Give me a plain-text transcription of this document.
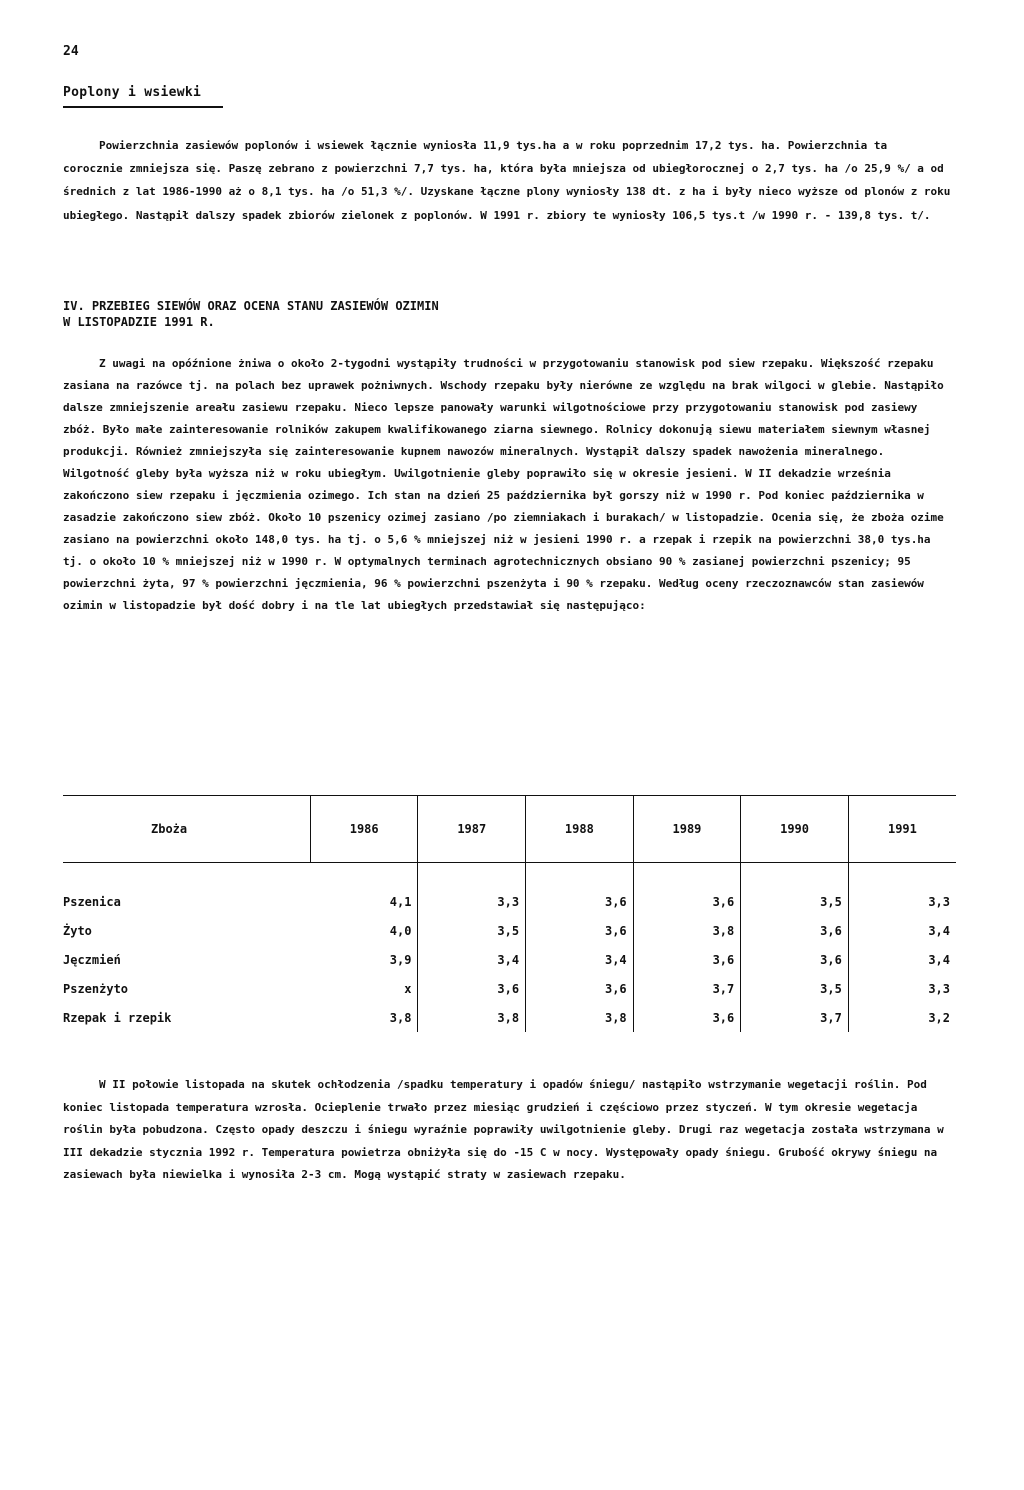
24
Poplony i wsiewki

Powierzchnia zasiewów poplonów i wsiewek łącznie wyniosła 11,9 tys.ha a w roku poprzednim 17,2 tys. ha. Powierzchnia ta corocznie zmniejsza się. Paszę zebrano z powierzchni 7,7 tys. ha, która była mniejsza od ubiegłorocznej o 2,7 tys. ha /o 25,9 %/ a od średnich z lat 1986-1990 aż o 8,1 tys. ha /o 51,3 %/. Uzyskane łączne plony wyniosły 138 dt. z ha i były nieco wyższe od plonów z roku ubiegłego. Nastąpił dalszy spadek zbiorów zielonek z poplonów. W 1991 r. zbiory te wyniosły 106,5 tys.t /w 1990 r. - 139,8 tys. t/.

IV. PRZEBIEG SIEWÓW ORAZ OCENA STANU ZASIEWÓW OZIMIN
W LISTOPADZIE 1991 R.

Z uwagi na opóźnione żniwa o około 2-tygodni wystąpiły trudności w przygotowaniu stanowisk pod siew rzepaku. Większość rzepaku zasiana na razówce tj. na polach bez uprawek pożniwnych. Wschody rzepaku były nierówne ze względu na brak wilgoci w glebie. Nastąpiło dalsze zmniejszenie areału zasiewu rzepaku. Nieco lepsze panowały warunki wilgotnościowe przy przygotowaniu stanowisk pod zasiewy zbóż. Było małe zainteresowanie rolników zakupem kwalifikowanego ziarna siewnego. Rolnicy dokonują siewu materiałem siewnym własnej produkcji. Również zmniejszyła się zainteresowanie kupnem nawozów mineralnych. Wystąpił dalszy spadek nawożenia mineralnego. Wilgotność gleby była wyższa niż w roku ubiegłym. Uwilgotnienie gleby poprawiło się w okresie jesieni. W II dekadzie września zakończono siew rzepaku i jęczmienia ozimego. Ich stan na dzień 25 października był gorszy niż w 1990 r. Pod koniec października w zasadzie zakończono siew zbóż. Około 10 pszenicy ozimej zasiano /po ziemniakach i burakach/ w listopadzie. Ocenia się, że zboża ozime zasiano na powierzchni około 148,0 tys. ha tj. o 5,6 % mniejszej niż w jesieni 1990 r. a rzepak i rzepik na powierzchni 38,0 tys.ha tj. o około 10 % mniejszej niż w 1990 r. W optymalnych terminach agrotechnicznych obsiano 90 % zasianej powierzchni pszenicy; 95 powierzchni żyta, 97 % powierzchni jęczmienia, 96 % powierzchni pszenżyta i 90 % rzepaku. Według oceny rzeczoznawców stan zasiewów ozimin w listopadzie był dość dobry i na tle lat ubiegłych przedstawiał się następująco:

Zboża	1986	1987	1988	1989	1990	1991
Pszenica	4,1	3,3	3,6	3,6	3,5	3,3
Żyto	4,0	3,5	3,6	3,8	3,6	3,4
Jęczmień	3,9	3,4	3,4	3,6	3,6	3,4
Pszenżyto	x	3,6	3,6	3,7	3,5	3,3
Rzepak i rzepik	3,8	3,8	3,8	3,6	3,7	3,2

W II połowie listopada na skutek ochłodzenia /spadku temperatury i opadów śniegu/ nastąpiło wstrzymanie wegetacji roślin. Pod koniec listopada temperatura wzrosła. Ocieplenie trwało przez miesiąc grudzień i częściowo przez styczeń. W tym okresie wegetacja roślin była pobudzona. Często opady deszczu i śniegu wyraźnie poprawiły uwilgotnienie gleby. Drugi raz wegetacja została wstrzymana w III dekadzie stycznia 1992 r. Temperatura powietrza obniżyła się do -15 C w nocy. Występowały opady śniegu. Grubość okrywy śniegu na zasiewach była niewielka i wynosiła 2-3 cm. Mogą wystąpić straty w zasiewach rzepaku.
